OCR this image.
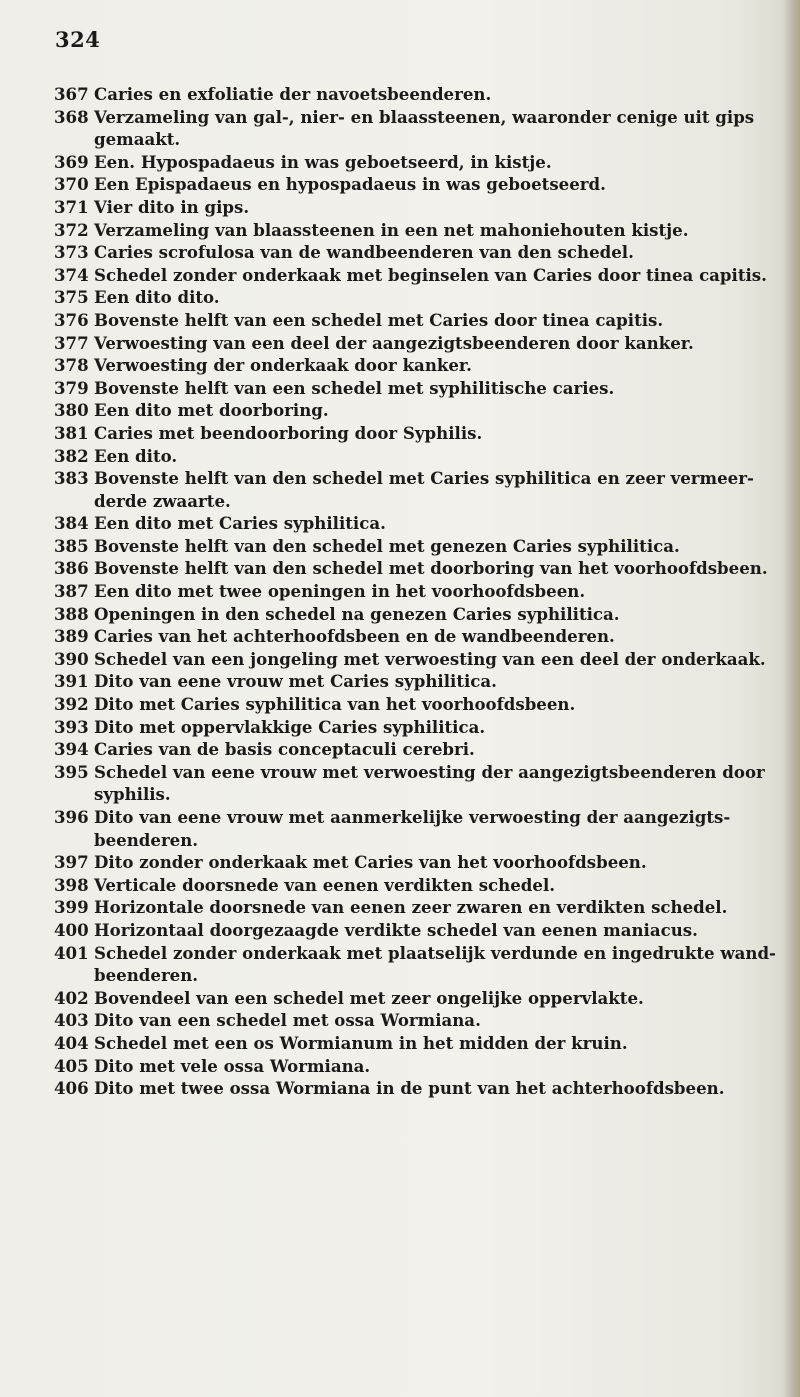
324
367 Caries en exfoliatie der navoetsbeenderen.
368 Verzameling van gal-, nier- en blaassteenen, waaronder cenige uit gips
gemaakt.
369 Een. Hypospadaeus in was geboetseerd, in kistje.
370 Een Epispadaeus en hypospadaeus in was geboetseerd.
371 Vier dito in gips.
372 Verzameling van blaassteenen in een net mahoniehouten kistje.
373 Caries scrofulosa van de wandbeenderen van den schedel.
374 Schedel zonder onderkaak met beginselen van Caries door tinea capitis.
375 Een dito dito.
376 Bovenste helft van een schedel met Caries door tinea capitis.
377 Verwoesting van een deel der aangezigtsbeenderen door kanker.
378 Verwoesting der onderkaak door kanker.
379 Bovenste helft van een schedel met syphilitische caries.
380 Een dito met doorboring.
381 Caries met beendoorboring door Syphilis.
382 Een dito.
383 Bovenste helft van den schedel met Caries syphilitica en zeer vermeer-
derde zwaarte.
384 Een dito met Caries syphilitica.
385 Bovenste helft van den schedel met genezen Caries syphilitica.
386 Bovenste helft van den schedel met doorboring van het voorhoofdsbeen.
387 Een dito met twee openingen in het voorhoofdsbeen.
388 Openingen in den schedel na genezen Caries syphilitica.
389 Caries van het achterhoofdsbeen en de wandbeenderen.
390 Schedel van een jongeling met verwoesting van een deel der onderkaak.
391 Dito van eene vrouw met Caries syphilitica.
392 Dito met Caries syphilitica van het voorhoofdsbeen.
393 Dito met oppervlakkige Caries syphilitica.
394 Caries van de basis conceptaculi cerebri.
395 Schedel van eene vrouw met verwoesting der aangezigtsbeenderen door
syphilis.
396 Dito van eene vrouw met aanmerkelijke verwoesting der aangezigts-
beenderen.
397 Dito zonder onderkaak met Caries van het voorhoofdsbeen.
398 Verticale doorsnede van eenen verdikten schedel.
399 Horizontale doorsnede van eenen zeer zwaren en verdikten schedel.
400 Horizontaal doorgezaagde verdikte schedel van eenen maniacus.
401 Schedel zonder onderkaak met plaatselijk verdunde en ingedrukte wand-
beenderen.
402 Bovendeel van een schedel met zeer ongelijke oppervlakte.
403 Dito van een schedel met ossa Wormiana.
404 Schedel met een os Wormianum in het midden der kruin.
405 Dito met vele ossa Wormiana.
406 Dito met twee ossa Wormiana in de punt van het achterhoofdsbeen.
